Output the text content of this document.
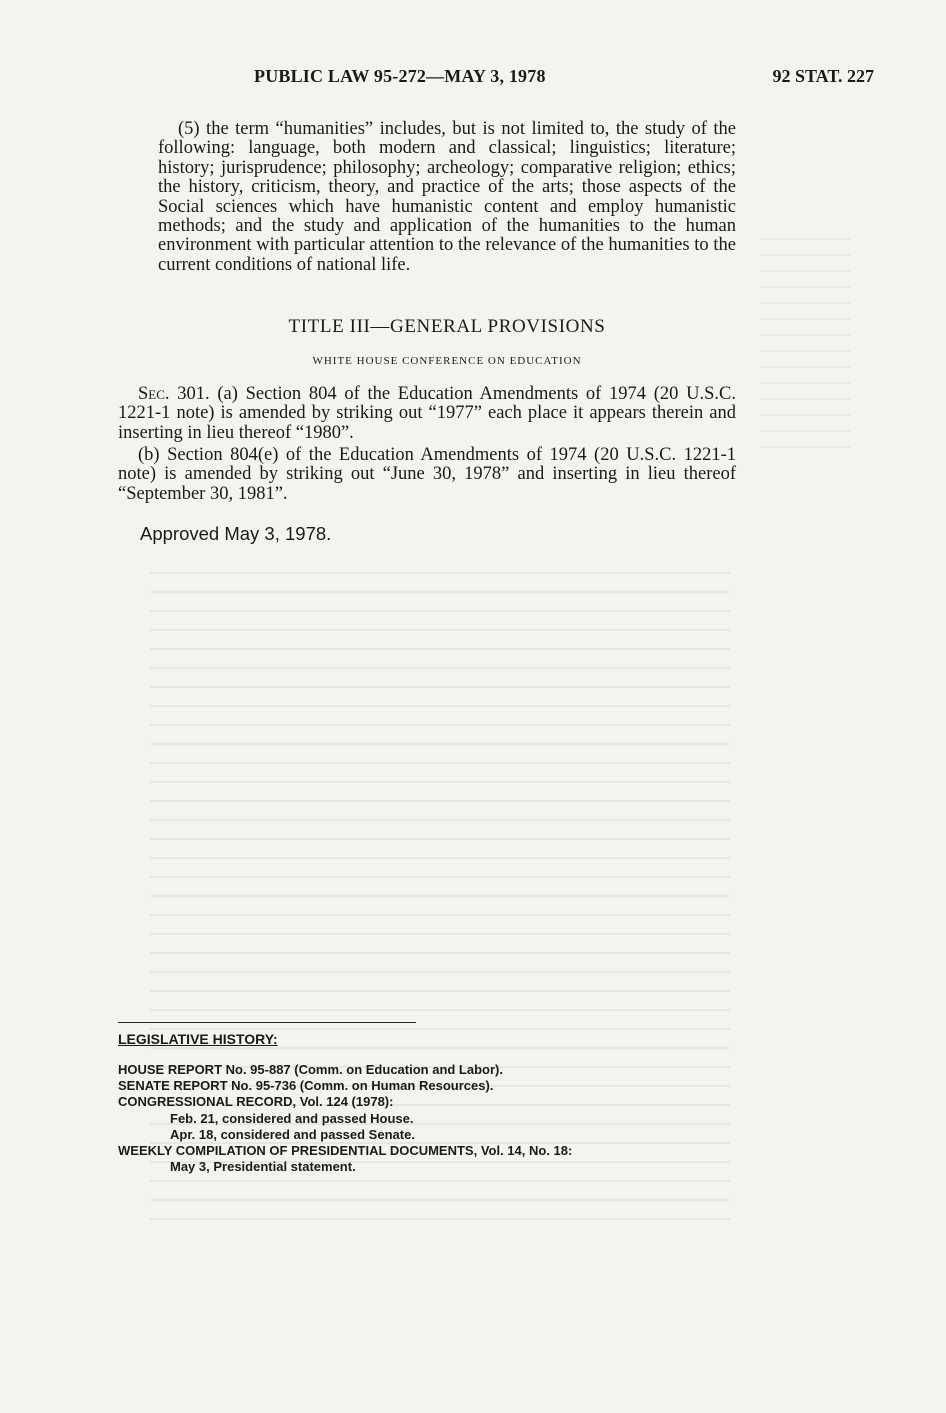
PUBLIC LAW 95-272—MAY 3, 1978	92 STAT. 227

(5) the term “humanities” includes, but is not limited to, the study of the following: language, both modern and classical; linguistics; literature; history; jurisprudence; philosophy; archeology; comparative religion; ethics; the history, criticism, theory, and practice of the arts; those aspects of the Social sciences which have humanistic content and employ humanistic methods; and the study and application of the humanities to the human environment with particular attention to the relevance of the humanities to the current conditions of national life.

TITLE III—GENERAL PROVISIONS
WHITE HOUSE CONFERENCE ON EDUCATION

Sec. 301. (a) Section 804 of the Education Amendments of 1974 (20 U.S.C. 1221-1 note) is amended by striking out “1977” each place it appears therein and inserting in lieu thereof “1980”.

(b) Section 804(e) of the Education Amendments of 1974 (20 U.S.C. 1221-1 note) is amended by striking out “June 30, 1978” and inserting in lieu thereof “September 30, 1981”.

Approved May 3, 1978.
LEGISLATIVE HISTORY:
HOUSE REPORT No. 95-887 (Comm. on Education and Labor).
SENATE REPORT No. 95-736 (Comm. on Human Resources).
CONGRESSIONAL RECORD, Vol. 124 (1978):
Feb. 21, considered and passed House.
Apr. 18, considered and passed Senate.
WEEKLY COMPILATION OF PRESIDENTIAL DOCUMENTS, Vol. 14, No. 18:
May 3, Presidential statement.
